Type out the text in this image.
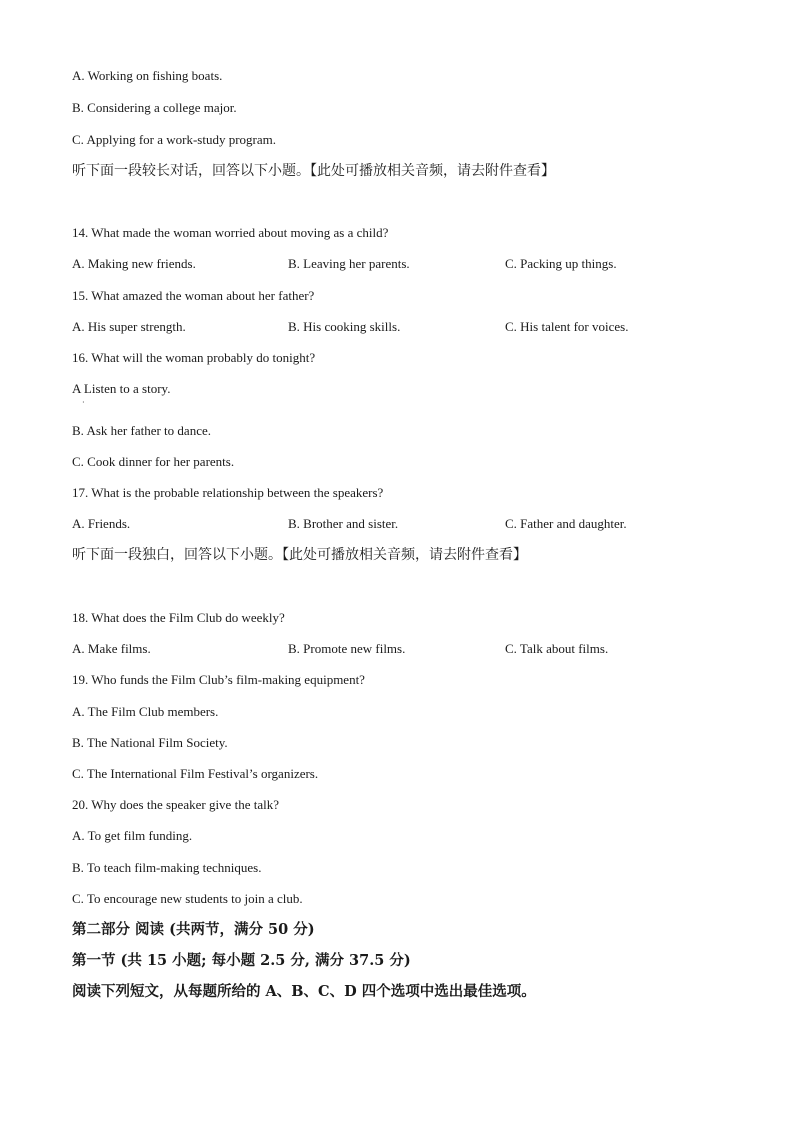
A. Working on fishing boats.
B. Considering a college major.
C. Applying for a work-study program.
听下面一段较长对话，回答以下小题。【此处可播放相关音频，请去附件查看】
14. What made the woman worried about moving as a child?
A. Making new friends.	B. Leaving her parents.	C. Packing up things.
15. What amazed the woman about her father?
A. His super strength.	B. His cooking skills.	C. His talent for voices.
16. What will the woman probably do tonight?
A Listen to a story.
·
B. Ask her father to dance.
C. Cook dinner for her parents.
17. What is the probable relationship between the speakers?
A. Friends.	B. Brother and sister.	C. Father and daughter.
听下面一段独白，回答以下小题。【此处可播放相关音频，请去附件查看】
18. What does the Film Club do weekly?
A. Make films.	B. Promote new films.	C. Talk about films.
19. Who funds the Film Club’s film-making equipment?
A. The Film Club members.
B. The National Film Society.
C. The International Film Festival’s organizers.
20. Why does the speaker give the talk?
A. To get film funding.
B. To teach film-making techniques.
C. To encourage new students to join a club.
第二部分 阅读 (共两节，满分 50 分)
第一节 (共 15 小题; 每小题 2.5 分, 满分 37.5 分)
阅读下列短文，从每题所给的 A、B、C、D 四个选项中选出最佳选项。
